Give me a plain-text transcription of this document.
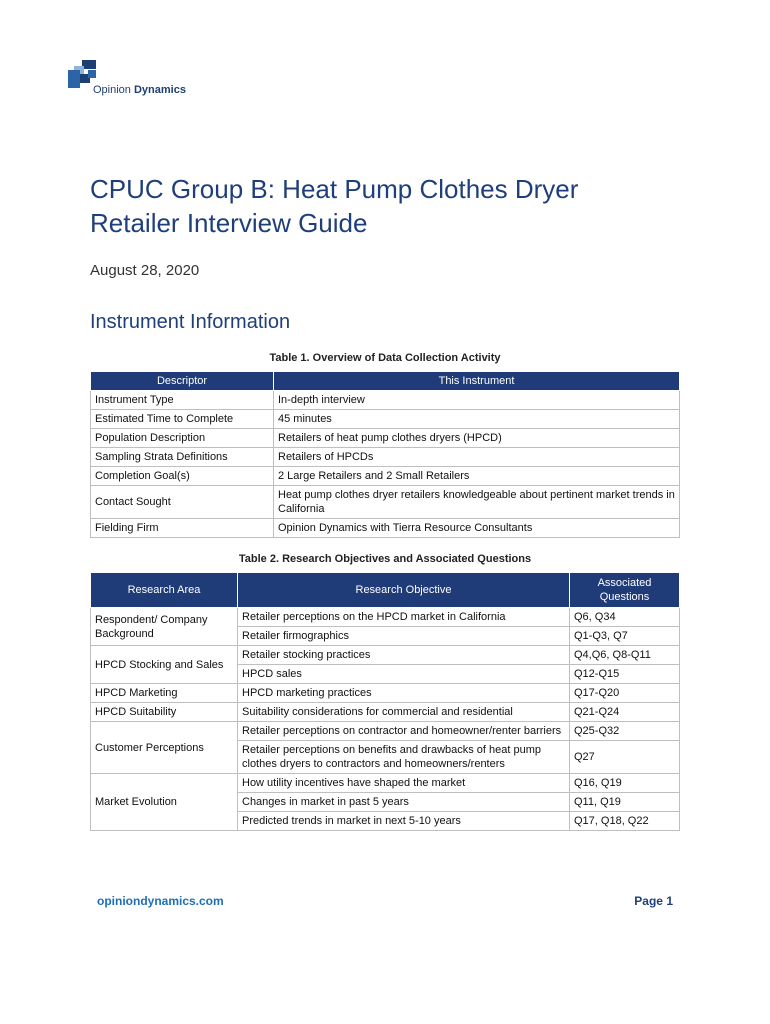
Opinion Dynamics
CPUC Group B: Heat Pump Clothes Dryer Retailer Interview Guide
August 28, 2020
Instrument Information
Table 1. Overview of Data Collection Activity
Descriptor	This Instrument
Instrument Type	In-depth interview
Estimated Time to Complete	45 minutes
Population Description	Retailers of heat pump clothes dryers (HPCD)
Sampling Strata Definitions	Retailers of HPCDs
Completion Goal(s)	2 Large Retailers and 2 Small Retailers
Contact Sought	Heat pump clothes dryer retailers knowledgeable about pertinent market trends in California
Fielding Firm	Opinion Dynamics with Tierra Resource Consultants
Table 2. Research Objectives and Associated Questions
Research Area	Research Objective	Associated Questions
Respondent/ Company Background	Retailer perceptions on the HPCD market in California	Q6, Q34
	Retailer firmographics	Q1-Q3, Q7
HPCD Stocking and Sales	Retailer stocking practices	Q4,Q6, Q8-Q11
	HPCD sales	Q12-Q15
HPCD Marketing	HPCD marketing practices	Q17-Q20
HPCD Suitability	Suitability considerations for commercial and residential	Q21-Q24
Customer Perceptions	Retailer perceptions on contractor and homeowner/renter barriers	Q25-Q32
	Retailer perceptions on benefits and drawbacks of heat pump clothes dryers to contractors and homeowners/renters	Q27
Market Evolution	How utility incentives have shaped the market	Q16, Q19
	Changes in market in past 5 years	Q11, Q19
	Predicted trends in market in next 5-10 years	Q17, Q18, Q22
opiniondynamics.com	Page 1
